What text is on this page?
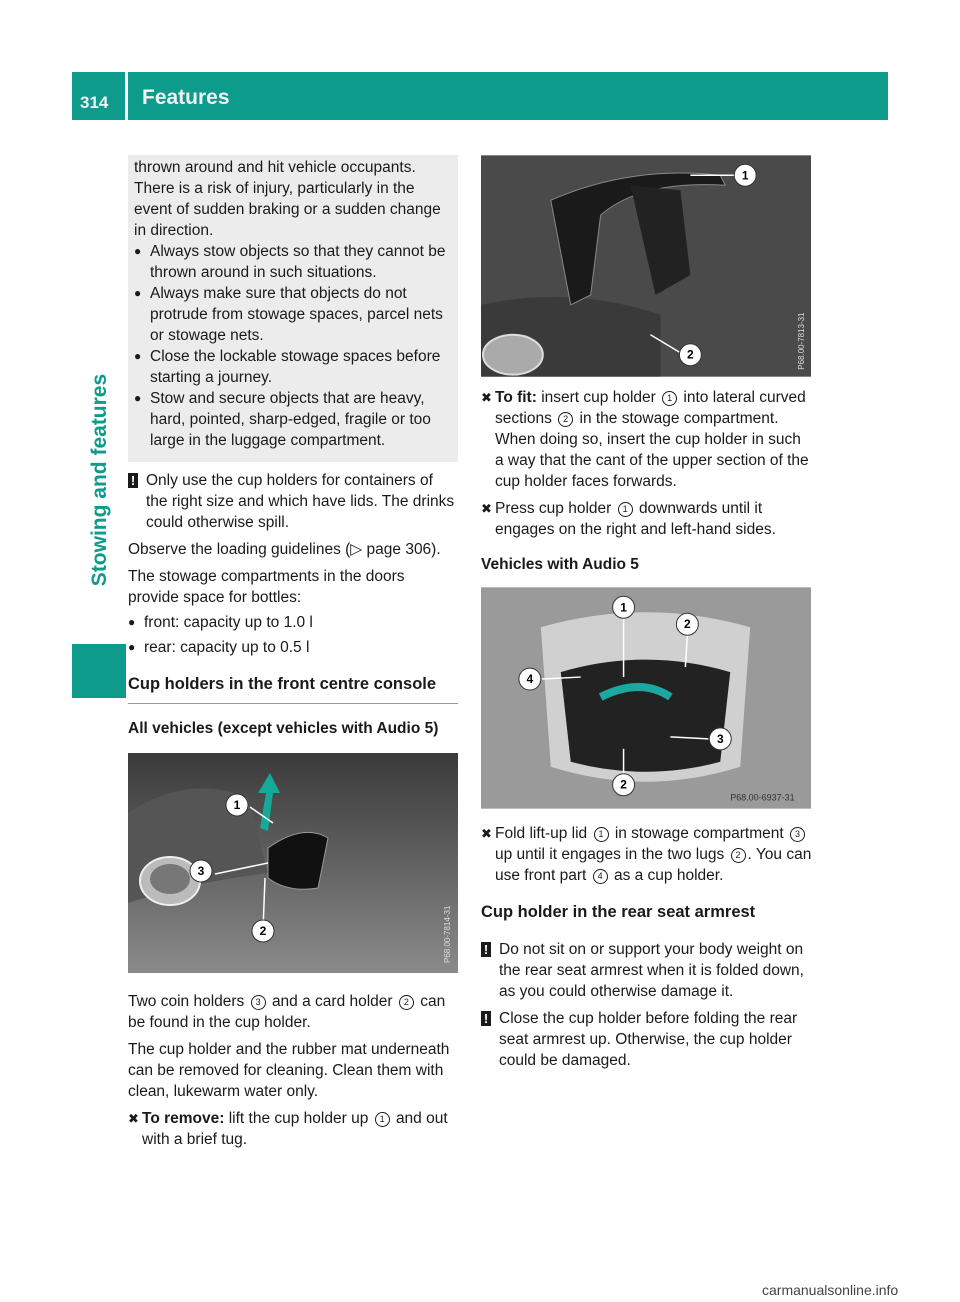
314 Features
Stowing and features

thrown around and hit vehicle occupants. There is a risk of injury, particularly in the event of sudden braking or a sudden change in direction.

● Always stow objects so that they cannot be thrown around in such situations.

● Always make sure that objects do not protrude from stowage spaces, parcel nets or stowage nets.

● Close the lockable stowage spaces before starting a journey.

● Stow and secure objects that are heavy, hard, pointed, sharp-edged, fragile or too large in the luggage compartment.

! Only use the cup holders for containers of the right size and which have lids. The drinks could otherwise spill.

Observe the loading guidelines (▷ page 306).

The stowage compartments in the doors provide space for bottles:

● front: capacity up to 1.0 l

● rear: capacity up to 0.5 l

Cup holders in the front centre console
All vehicles (except vehicles with Audio 5)
1
3
2	P68.00-7814-31

Two coin holders 3 and a card holder 2 can be found in the cup holder.

The cup holder and the rubber mat underneath can be removed for cleaning. Clean them with clean, lukewarm water only.

✖ To remove: lift the cup holder up 1 and out with a brief tug.

1
2	P68.00-7813-31

✖ To fit: insert cup holder 1 into lateral curved sections 2 in the stowage compartment. When doing so, insert the cup holder in such a way that the cant of the upper section of the cup holder faces forwards.

✖ Press cup holder 1 downwards until it engages on the right and left-hand sides.

Vehicles with Audio 5
1
2
4
3
2
P68.00-6937-31

✖ Fold lift-up lid 1 in stowage compartment 3 up until it engages in the two lugs 2 . You can use front part 4 as a cup holder.

Cup holder in the rear seat armrest

! Do not sit on or support your body weight on the rear seat armrest when it is folded down, as you could otherwise damage it.

! Close the cup holder before folding the rear seat armrest up. Otherwise, the cup holder could be damaged.

carmanualsonline.info
